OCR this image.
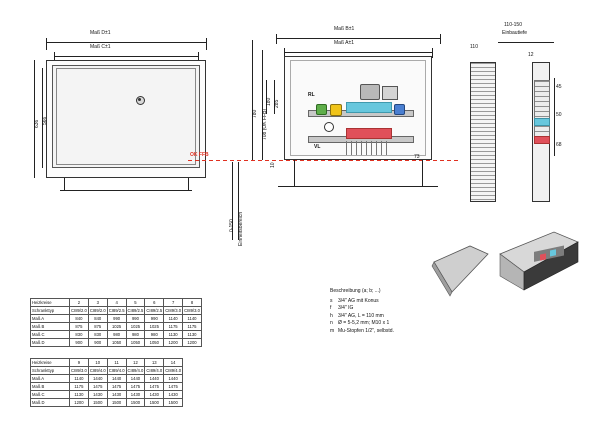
Maß D±1
Maß C±1
636 566
OK FFB
0-150 Einheitsbereich
Maß B±1
Maß A±1
RL
VL
285
180
73
10
780 708 (OK FFB)
110-150
Einbautiefe
110
12
45
50
68
Beschreibung (a; b; ...)
s 3/4" AG mit Konus
f 3/4" IG
h 3/4" AG, L = 110 mm
n Ø = 5-5,2 mm; M10 x 1
m Mu-Stopfen 1/2", selbstd.
Heizkreise	2	3	4	5	6	7	8
Schrankttyp	CI89/2.0	CI89/2.0	CI89/2.5	CI89/2.5	CI89/2.5	CI89/3.0	CI89/3.0
Maß A	840	840	990	990	990	1140	1140
Maß B	875	875	1025	1025	1025	1175	1175
Maß C	830	830	980	980	980	1130	1130
Maß D	900	900	1050	1050	1050	1200	1200
Heizkreise	9	10	11	12	13	14
Schrankttyp	CI89/3.0	CI89/4.0	CI89/4.0	CI89/4.0	CI89/4.0	CI89/4.0
Maß A	1140	1440	1440	1440	1440	1440
Maß B	1175	1475	1475	1475	1475	1475
Maß C	1130	1430	1430	1430	1430	1430
Maß D	1200	1500	1500	1500	1500	1500
